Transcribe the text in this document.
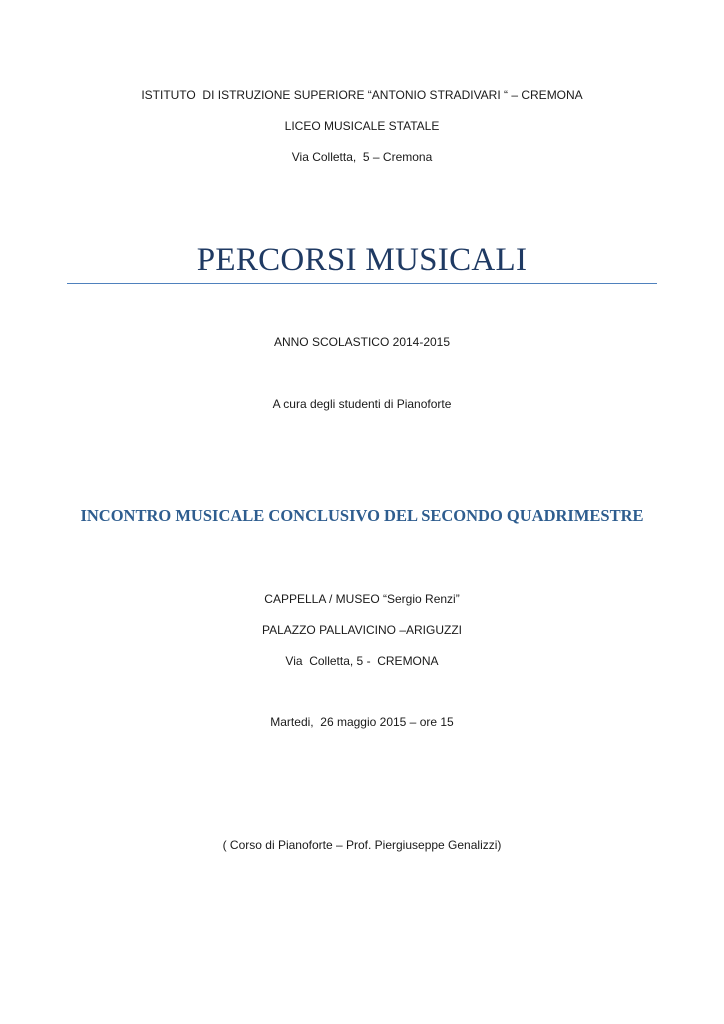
ISTITUTO  DI ISTRUZIONE SUPERIORE “ANTONIO STRADIVARI “ – CREMONA
LICEO MUSICALE STATALE
Via Colletta,  5 – Cremona
PERCORSI MUSICALI
ANNO SCOLASTICO 2014-2015
A cura degli studenti di Pianoforte
INCONTRO MUSICALE CONCLUSIVO DEL SECONDO QUADRIMESTRE
CAPPELLA / MUSEO “Sergio Renzi”
PALAZZO PALLAVICINO –ARIGUZZI
Via  Colletta, 5 -  CREMONA
Martedi,  26 maggio 2015 – ore 15
( Corso di Pianoforte – Prof. Piergiuseppe Genalizzi)
